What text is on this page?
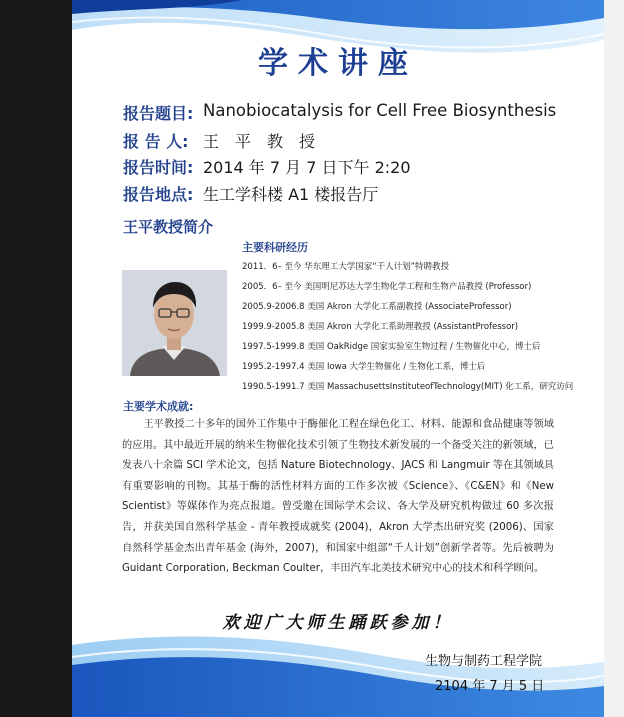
学术讲座
报告题目: Nanobiocatalysis for Cell Free Biosynthesis
报 告 人: 王　平　教　授
报告时间: 2014 年 7 月 7 日下午 2:20
报告地点: 生工学科楼 A1 楼报告厅
王平教授简介
主要科研经历
2011．6– 至今 华东理工大学国家“千人计划”特聘教授
2005．6– 至今 美国明尼苏达大学生物化学工程和生物产品教授 (Professor)
2005.9-2006.8 美国 Akron 大学化工系副教授 (AssociateProfessor)
1999.9-2005.8 美国 Akron 大学化工系助理教授 (AssistantProfessor)
1997.5-1999.8 美国 OakRidge 国家实验室生物过程 / 生物催化中心，博士后
1995.2-1997.4 美国 Iowa 大学生物催化 / 生物化工系，博士后
1990.5-1991.7 美国 MassachusettsInstituteofTechnology(MIT) 化工系，研究访问
主要学术成就:
王平教授二十多年的国外工作集中于酶催化工程在绿色化工、材料、能源和食品健康等领域的应用。其中最近开展的纳米生物催化技术引领了生物技术新发展的一个备受关注的新领域，已发表八十余篇 SCI 学术论文，包括 Nature Biotechnology、JACS 和 Langmuir 等在其领域具有重要影响的刊物。其基于酶的活性材料方面的工作多次被《Science》、《C&EN》和《New Scientist》等媒体作为亮点报道。曾受邀在国际学术会议、各大学及研究机构做过 60 多次报告，并获美国自然科学基金 - 青年教授成就奖 (2004)，Akron 大学杰出研究奖 (2006)、国家自然科学基金杰出青年基金 (海外，2007)，和国家中组部“千人计划”创新学者等。先后被聘为 Guidant Corporation, Beckman Coulter，丰田汽车北美技术研究中心的技术和科学顾问。
欢迎广大师生踊跃参加！
生物与制药工程学院
2104 年 7 月 5 日
